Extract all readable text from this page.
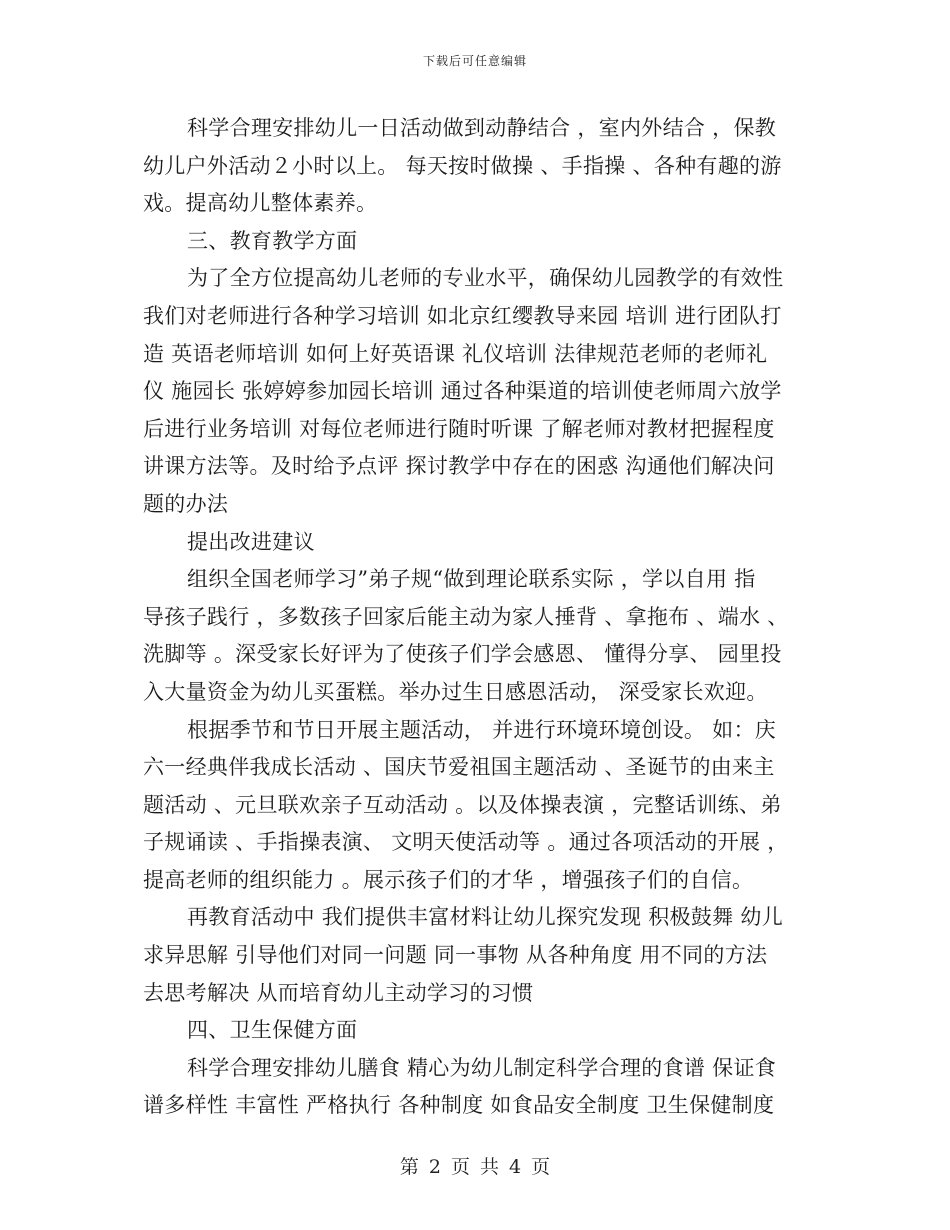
下载后可任意编辑
科学合理安排幼儿一日活动做到动静结合 ，室内外结合 ，保教
幼儿户外活动２小时以上。 每天按时做操 、手指操 、各种有趣的游
戏。提高幼儿整体素养。
三、教育教学方面
为了全方位提高幼儿老师的专业水平，确保幼儿园教学的有效性
我们对老师进行各种学习培训 如北京红缨教导来园 培训 进行团队打
造 英语老师培训 如何上好英语课 礼仪培训 法律规范老师的老师礼
仪 施园长 张婷婷参加园长培训 通过各种渠道的培训使老师周六放学
后进行业务培训 对每位老师进行随时听课 了解老师对教材把握程度
讲课方法等。及时给予点评 探讨教学中存在的困惑 沟通他们解决问
题的办法
提出改进建议
组织全国老师学习”弟子规“做到理论联系实际 ，学以自用 指
导孩子践行 ，多数孩子回家后能主动为家人捶背 、拿拖布 、端水 、
洗脚等 。深受家长好评为了使孩子们学会感恩、 懂得分享、 园里投
入大量资金为幼儿买蛋糕。举办过生日感恩活动， 深受家长欢迎。
根据季节和节日开展主题活动， 并进行环境环境创设。 如：庆
六一经典伴我成长活动 、国庆节爱祖国主题活动 、圣诞节的由来主
题活动 、元旦联欢亲子互动活动 。以及体操表演 ，完整话训练、弟
子规诵读 、手指操表演、 文明天使活动等 。通过各项活动的开展 ，
提高老师的组织能力 。展示孩子们的才华 ，增强孩子们的自信。
再教育活动中 我们提供丰富材料让幼儿探究发现 积极鼓舞 幼儿
求异思解 引导他们对同一问题 同一事物 从各种角度 用不同的方法
去思考解决 从而培育幼儿主动学习的习惯
四、卫生保健方面
科学合理安排幼儿膳食 精心为幼儿制定科学合理的食谱 保证食
谱多样性 丰富性 严格执行 各种制度 如食品安全制度 卫生保健制度
第 2 页 共 4 页
